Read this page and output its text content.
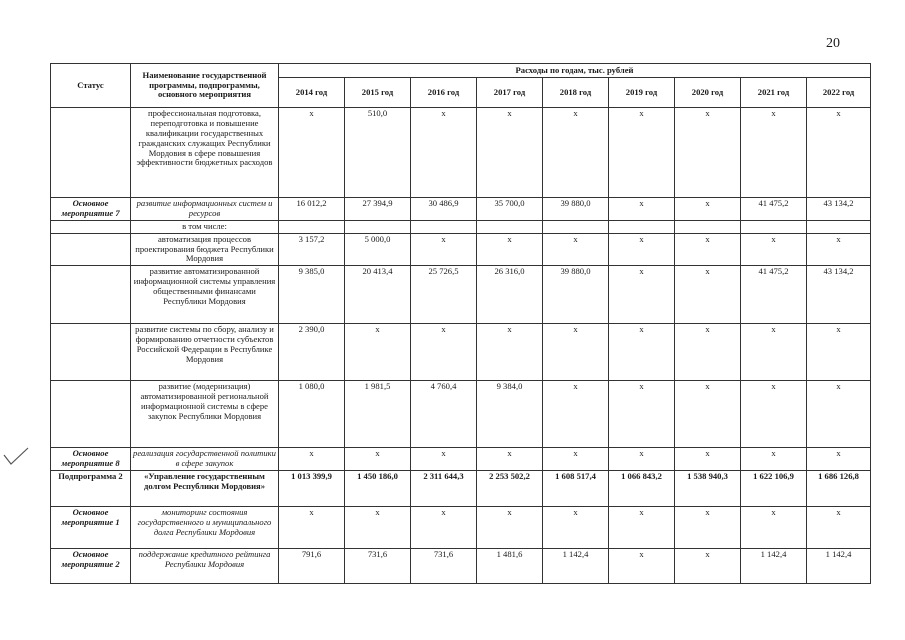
20
Статус	Наименование государственной программы, подпрограммы, основного мероприятия	Расходы по годам, тыс. рублей								
		2014 год	2015 год	2016 год	2017 год	2018 год	2019 год	2020 год	2021 год	2022 год
	профессиональная подготовка, переподготовка и повышение квалификации государственных гражданских служащих Республики Мордовия в сфере повышения эффективности бюджетных расходов	х	510,0	х	х	х	х	х	х	х
Основное мероприятие 7	развитие информационных систем и ресурсов	16 012,2	27 394,9	30 486,9	35 700,0	39 880,0	х	х	41 475,2	43 134,2
	в том числе:									
	автоматизация процессов проектирования бюджета Республики Мордовия	3 157,2	5 000,0	х	х	х	х	х	х	х
	развитие автоматизированной информационной системы управления общественными финансами Республики Мордовия	9 385,0	20 413,4	25 726,5	26 316,0	39 880,0	х	х	41 475,2	43 134,2
	развитие системы по сбору, анализу и формированию отчетности субъектов Российской Федерации в Республике Мордовия	2 390,0	х	х	х	х	х	х	х	х
	развитие (модернизация) автоматизированной региональной информационной системы в сфере закупок Республики Мордовия	1 080,0	1 981,5	4 760,4	9 384,0	х	х	х	х	х
Основное мероприятие 8	реализация государственной политики в сфере закупок	х	х	х	х	х	х	х	х	х
Подпрограмма 2	«Управление государственным долгом Республики Мордовия»	1 013 399,9	1 450 186,0	2 311 644,3	2 253 502,2	1 608 517,4	1 066 843,2	1 538 940,3	1 622 106,9	1 686 126,8
Основное мероприятие 1	мониторинг состояния государственного и муниципального долга Республики Мордовия	х	х	х	х	х	х	х	х	х
Основное мероприятие 2	поддержание кредитного рейтинга Республики Мордовия	791,6	731,6	731,6	1 481,6	1 142,4	х	х	1 142,4	1 142,4
